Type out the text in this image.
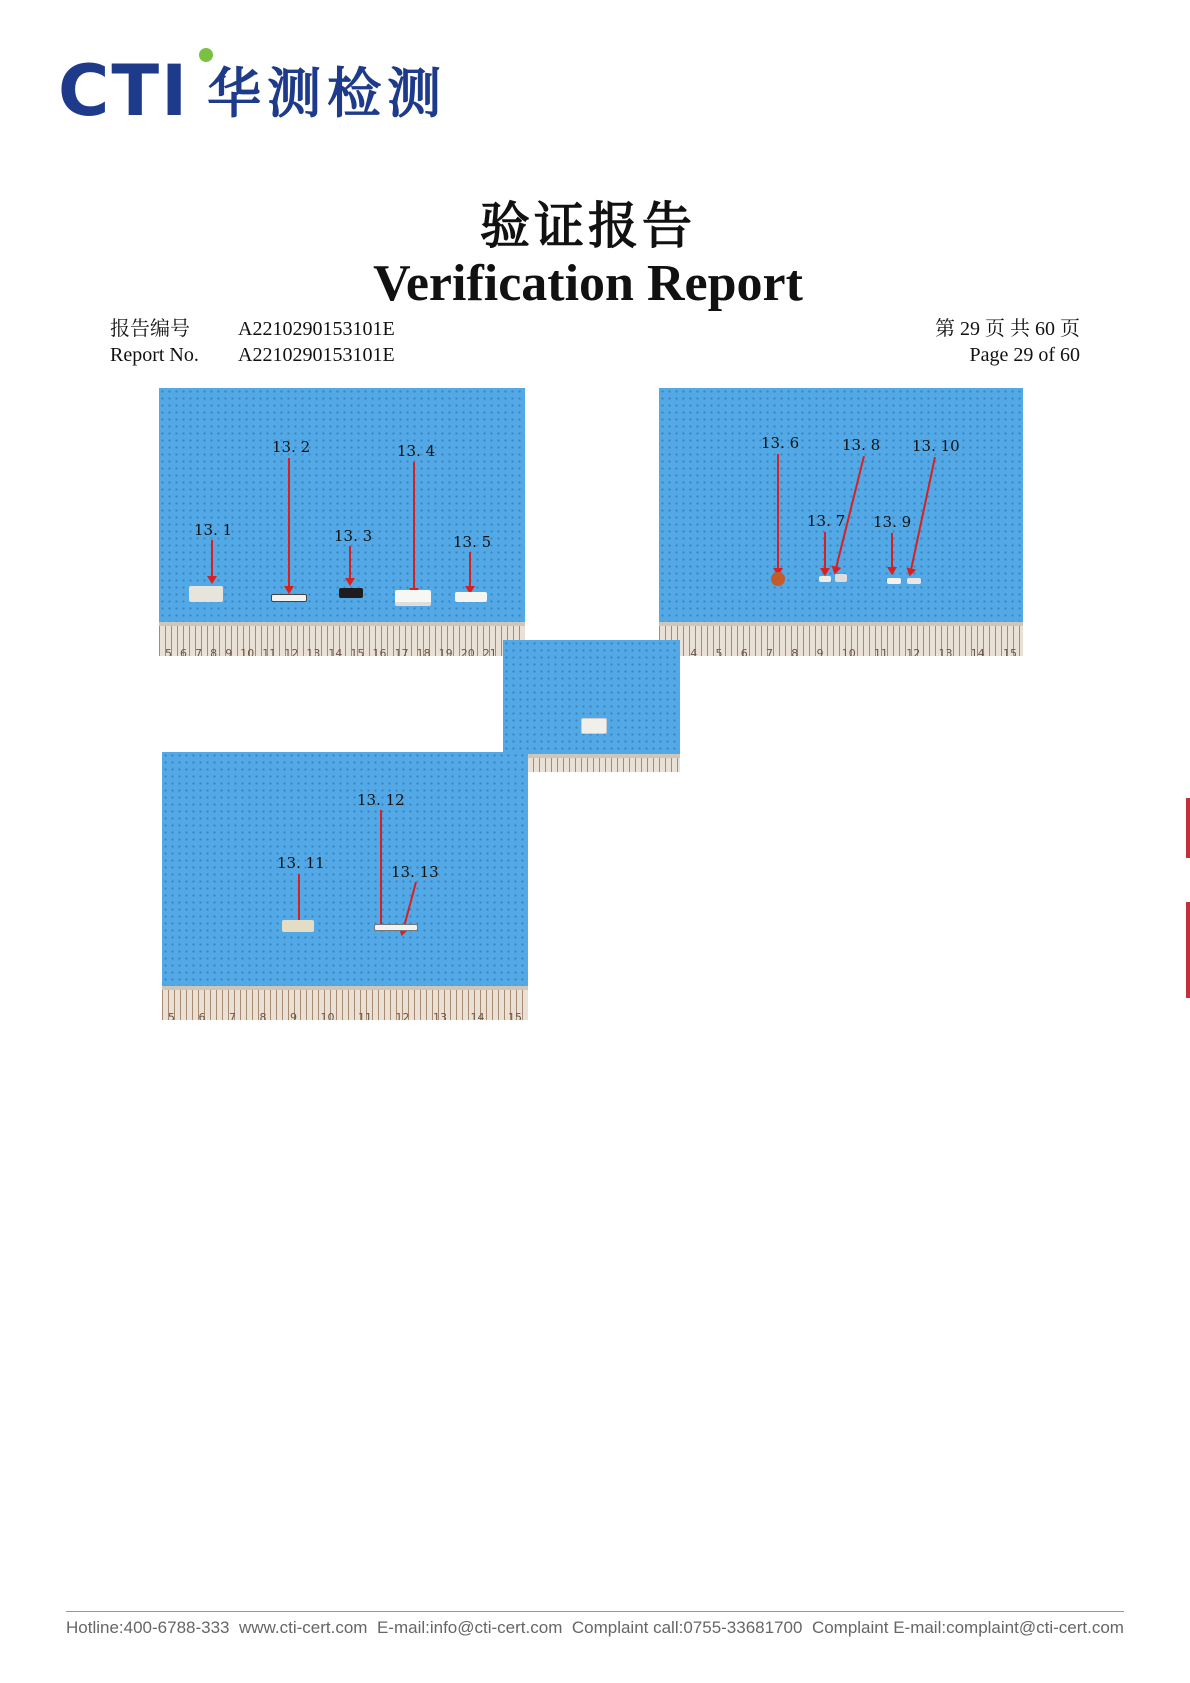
CTI 华测检测
验证报告
Verification Report
报告编号
Report No.
A2210290153101E
A2210290153101E
第 29 页 共 60 页
Page 29 of 60
13. 1
13. 2
13. 3
13. 4
13. 5
5 6 7 8 9 10 11 12 13 14 15 16 17 18 19 20 21
13. 6	13. 8 13. 10
13. 7 13. 9
4 5 6 7 8 9 10 11 12 13 14 15
13. 12
13. 11	13. 13
5 6 7 8 9 10 11 12 13 14 15
Hotline:400-6788-333 www.cti-cert.com E-mail:info@cti-cert.com Complaint call:0755-33681700 Complaint E-mail:complaint@cti-cert.com
